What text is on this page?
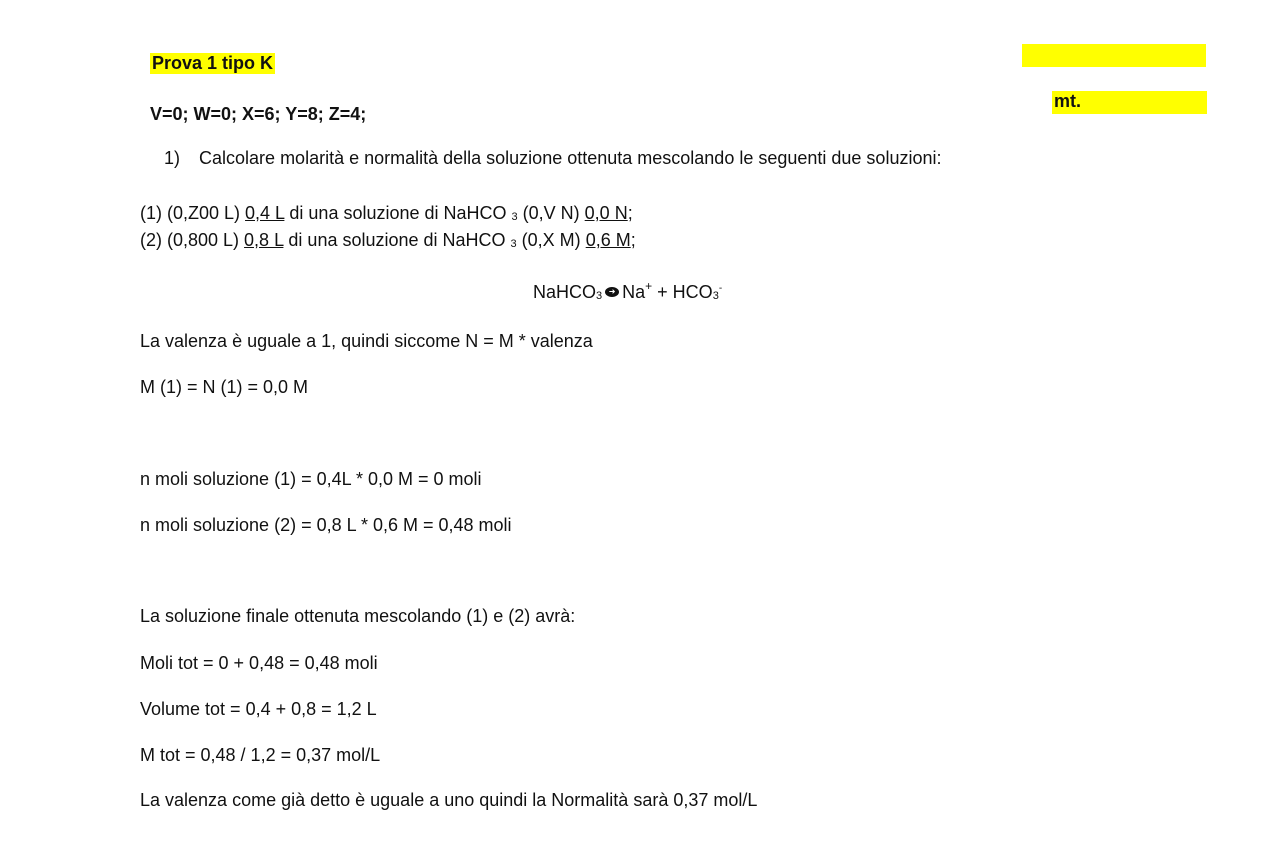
Prova 1 tipo K
V=0; W=0; X=6; Y=8; Z=4;
mt.
1) Calcolare molarità e normalità della soluzione ottenuta mescolando le seguenti due soluzioni:
(1) (0,Z00 L) 0,4 L di una soluzione di NaHCO 3 (0,V N) 0,0 N;
(2) (0,800 L) 0,8 L di una soluzione di NaHCO 3 (0,X M) 0,6 M;
NaHCO3 ➜ Na+ + HCO3-
La valenza è uguale a 1, quindi siccome N = M * valenza
M (1) = N (1) = 0,0 M
n moli soluzione (1) = 0,4L * 0,0 M = 0 moli
n moli soluzione (2) = 0,8 L * 0,6 M = 0,48 moli
La soluzione finale ottenuta mescolando (1) e (2) avrà:
Moli tot = 0 + 0,48 = 0,48 moli
Volume tot = 0,4 + 0,8 = 1,2 L
M tot = 0,48 / 1,2 = 0,37 mol/L
La valenza come già detto è uguale a uno quindi la Normalità sarà 0,37 mol/L
